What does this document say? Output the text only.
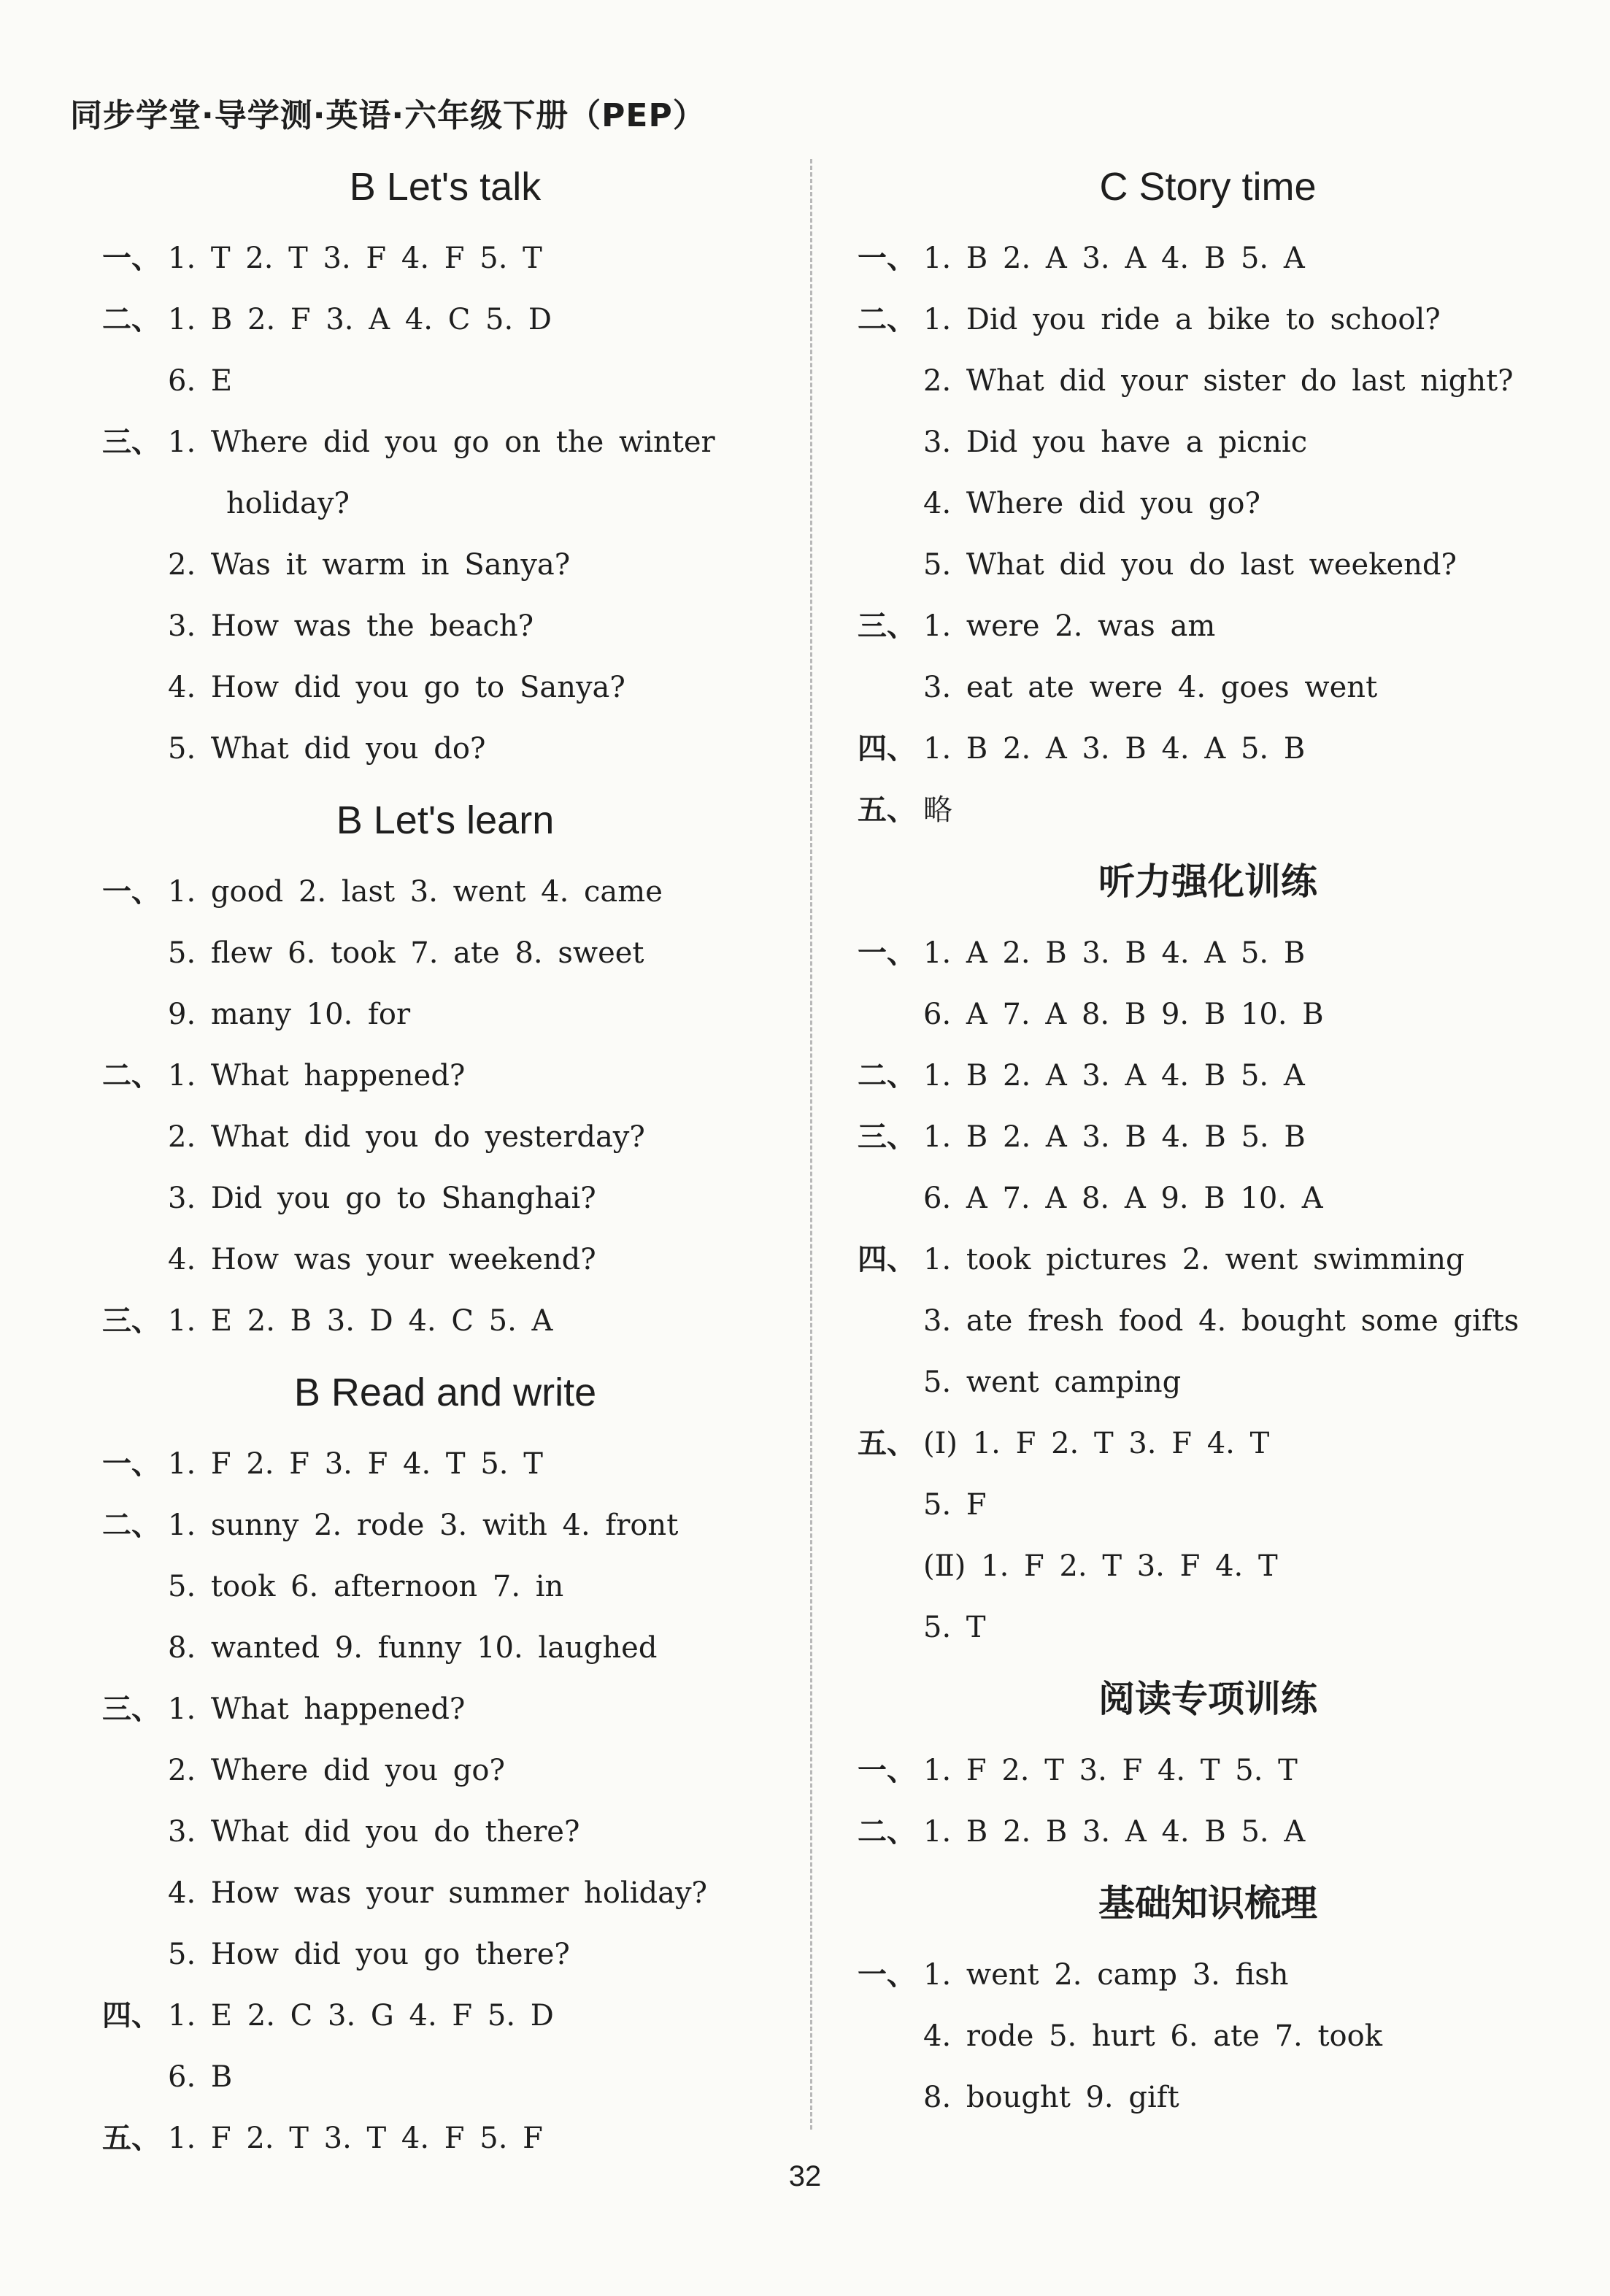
同步学堂·导学测·英语·六年级下册（PEP）
B Let's talk
一、 1. T 2. T 3. F 4. F 5. T
二、 1. B 2. F 3. A 4. C 5. D
6. E
三、 1. Where did you go on the winter
holiday?
2. Was it warm in Sanya?
3. How was the beach?
4. How did you go to Sanya?
5. What did you do?
B Let's learn
一、 1. good 2. last 3. went 4. came
5. flew 6. took 7. ate 8. sweet
9. many 10. for
二、 1. What happened?
2. What did you do yesterday?
3. Did you go to Shanghai?
4. How was your weekend?
三、 1. E 2. B 3. D 4. C 5. A
B Read and write
一、 1. F 2. F 3. F 4. T 5. T
二、 1. sunny 2. rode 3. with 4. front
5. took 6. afternoon 7. in
8. wanted 9. funny 10. laughed
三、 1. What happened?
2. Where did you go?
3. What did you do there?
4. How was your summer holiday?
5. How did you go there?
四、 1. E 2. C 3. G 4. F 5. D
6. B
五、 1. F 2. T 3. T 4. F 5. F
C Story time
一、 1. B 2. A 3. A 4. B 5. A
二、 1. Did you ride a bike to school?
2. What did your sister do last night?
3. Did you have a picnic
4. Where did you go?
5. What did you do last weekend?
三、 1. were 2. was am
3. eat ate were 4. goes went
四、 1. B 2. A 3. B 4. A 5. B
五、 略
听力强化训练
一、 1. A 2. B 3. B 4. A 5. B
6. A 7. A 8. B 9. B 10. B
二、 1. B 2. A 3. A 4. B 5. A
三、 1. B 2. A 3. B 4. B 5. B
6. A 7. A 8. A 9. B 10. A
四、 1. took pictures 2. went swimming
3. ate fresh food 4. bought some gifts
5. went camping
五、 (Ⅰ) 1. F 2. T 3. F 4. T
5. F
(Ⅱ) 1. F 2. T 3. F 4. T
5. T
阅读专项训练
一、 1. F 2. T 3. F 4. T 5. T
二、 1. B 2. B 3. A 4. B 5. A
基础知识梳理
一、 1. went 2. camp 3. fish
4. rode 5. hurt 6. ate 7. took
8. bought 9. gift
32
